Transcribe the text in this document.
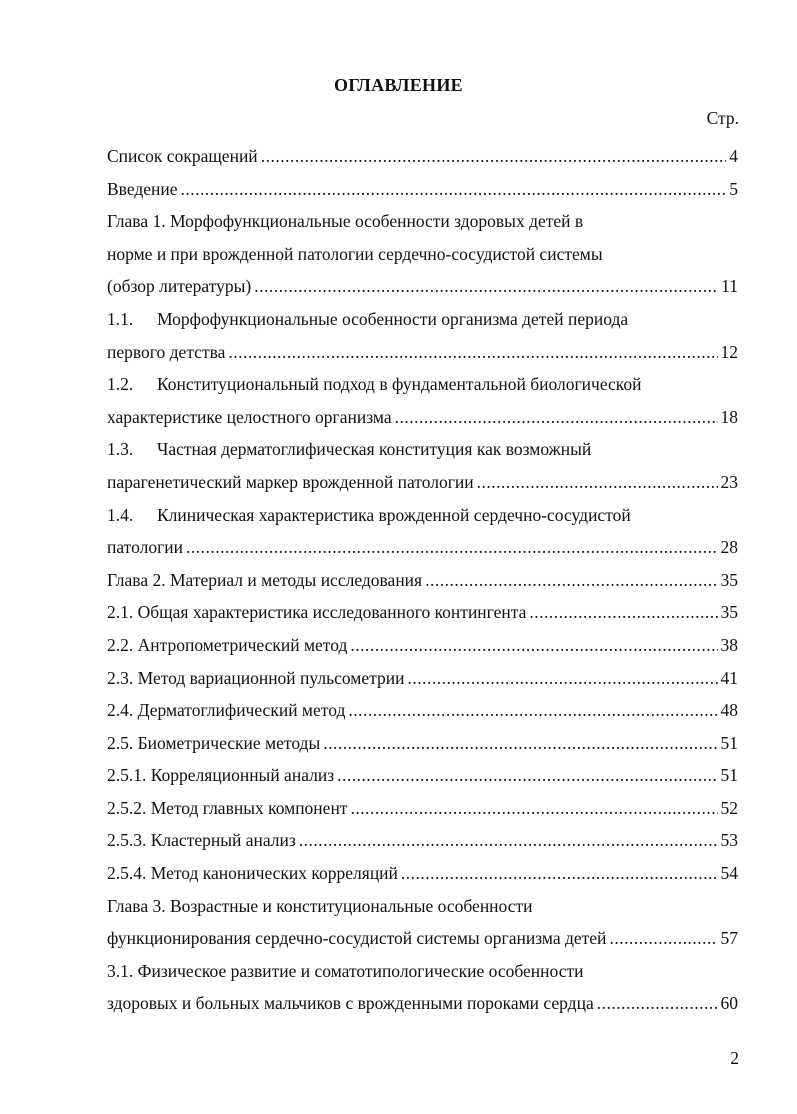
ОГЛАВЛЕНИЕ
Стр.
Список сокращений .....	4
Введение .....	5
Глава 1. Морфофункциональные особенности здоровых детей в
норме и при врожденной патологии сердечно-сосудистой системы
(обзор литературы) .....	11
1.1.	Морфофункциональные особенности организма детей периода
первого детства .....	12
1.2.	Конституциональный подход в фундаментальной биологической
характеристике целостного организма .....	18
1.3.	Частная дерматоглифическая конституция как возможный
парагенетический маркер врожденной патологии .....	23
1.4.	Клиническая характеристика врожденной сердечно-сосудистой
патологии .....	28
Глава 2. Материал и методы исследования .....	35
2.1. Общая характеристика исследованного контингента .....	35
2.2. Антропометрический метод .....	38
2.3. Метод вариационной пульсометрии .....	41
2.4. Дерматоглифический метод .....	48
2.5. Биометрические методы .....	51
2.5.1. Корреляционный анализ .....	51
2.5.2. Метод главных компонент .....	52
2.5.3. Кластерный анализ .....	53
2.5.4. Метод канонических корреляций .....	54
Глава 3. Возрастные и конституциональные особенности
функционирования сердечно-сосудистой системы организма детей .....	57
3.1. Физическое развитие и соматотипологические особенности
здоровых и больных мальчиков с врожденными пороками сердца .....	60
2
